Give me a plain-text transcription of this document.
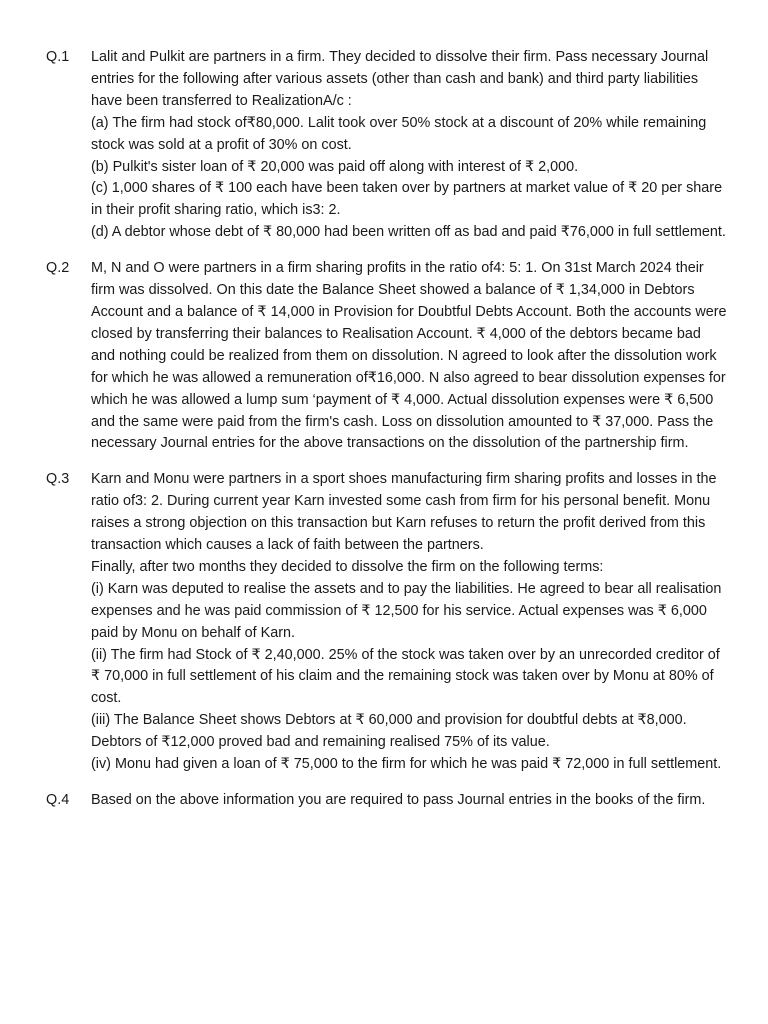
Q.1	Lalit and Pulkit are partners in a firm. They decided to dissolve their firm. Pass necessary Journal entries for the following after various assets (other than cash and bank) and third party liabilities have been transferred to RealizationA/c :

(a) The firm had stock of₹80,000. Lalit took over 50% stock at a discount of 20% while remaining stock was sold at a profit of 30% on cost.

(b) Pulkit's sister loan of ₹ 20,000 was paid off along with interest of ₹ 2,000.

(c) 1,000 shares of ₹ 100 each have been taken over by partners at market value of ₹ 20 per share in their profit sharing ratio, which is3: 2.

(d) A debtor whose debt of ₹ 80,000 had been written off as bad and paid ₹76,000 in full settlement.

Q.2	M, N and O were partners in a firm sharing profits in the ratio of4: 5: 1. On 31st March 2024 their firm was dissolved. On this date the Balance Sheet showed a balance of ₹ 1,34,000 in Debtors Account and a balance of ₹ 14,000 in Provision for Doubtful Debts Account. Both the accounts were closed by transferring their balances to Realisation Account. ₹ 4,000 of the debtors became bad and nothing could be realized from them on dissolution. N agreed to look after the dissolution work for which he was allowed a remuneration of₹16,000. N also agreed to bear dissolution expenses for which he was allowed a lump sum ‘payment of ₹ 4,000. Actual dissolution expenses were ₹ 6,500 and the same were paid from the firm's cash. Loss on dissolution amounted to ₹ 37,000. Pass the necessary Journal entries for the above transactions on the dissolution of the partnership firm.

Q.3	Karn and Monu were partners in a sport shoes manufacturing firm sharing profits and losses in the ratio of3: 2. During current year Karn invested some cash from firm for his personal benefit. Monu raises a strong objection on this transaction but Karn refuses to return the profit derived from this transaction which causes a lack of faith between the partners.

Finally, after two months they decided to dissolve the firm on the following terms:

(i) Karn was deputed to realise the assets and to pay the liabilities. He agreed to bear all realisation expenses and he was paid commission of ₹ 12,500 for his service. Actual expenses was ₹ 6,000 paid by Monu on behalf of Karn.

(ii) The firm had Stock of ₹ 2,40,000. 25% of the stock was taken over by an unrecorded creditor of ₹ 70,000 in full settlement of his claim and the remaining stock was taken over by Monu at 80% of cost.

(iii) The Balance Sheet shows Debtors at ₹ 60,000 and provision for doubtful debts at ₹8,000. Debtors of ₹12,000 proved bad and remaining realised 75% of its value.

(iv) Monu had given a loan of ₹ 75,000 to the firm for which he was paid ₹ 72,000 in full settlement.

Q.4	Based on the above information you are required to pass Journal entries in the books of the firm.
